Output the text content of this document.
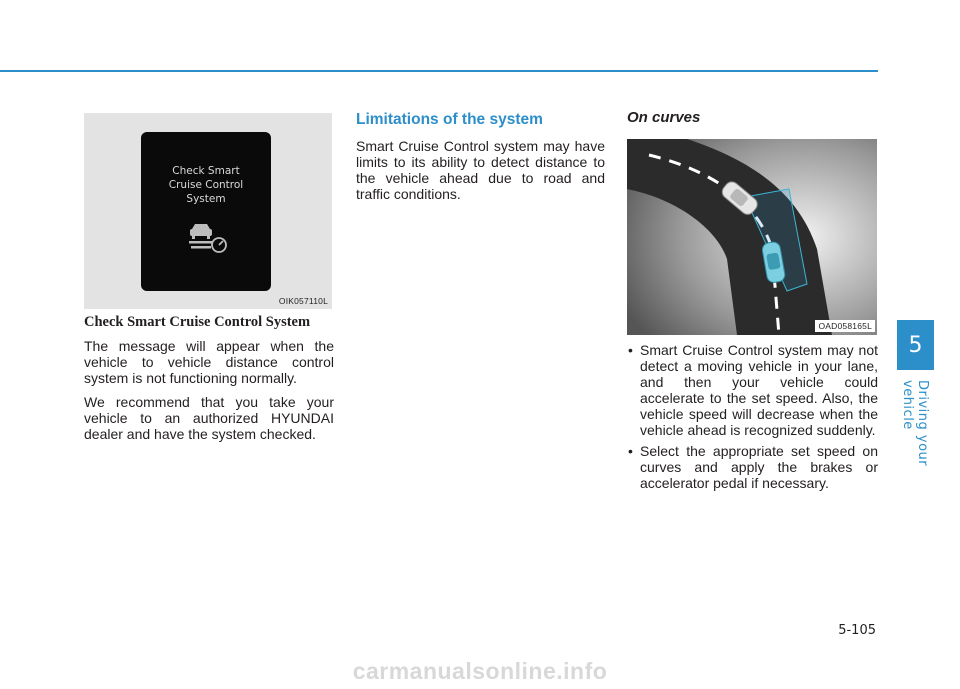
Check Smart
Cruise Control
System
OIK057110L
Check Smart Cruise Control System

The message will appear when the vehicle to vehicle distance control system is not functioning normally.

We recommend that you take your vehicle to an authorized HYUNDAI dealer and have the system checked.

Limitations of the system

Smart Cruise Control system may have limits to its ability to detect distance to the vehicle ahead due to road and traffic conditions.

On curves
OAD058165L
• Smart Cruise Control system may not detect a moving vehicle in your lane, and then your vehicle could accelerate to the set speed. Also, the vehicle speed will decrease when the vehicle ahead is recognized suddenly.
• Select the appropriate set speed on curves and apply the brakes or accelerator pedal if necessary.
5
Driving your vehicle
5-105
carmanualsonline.info
